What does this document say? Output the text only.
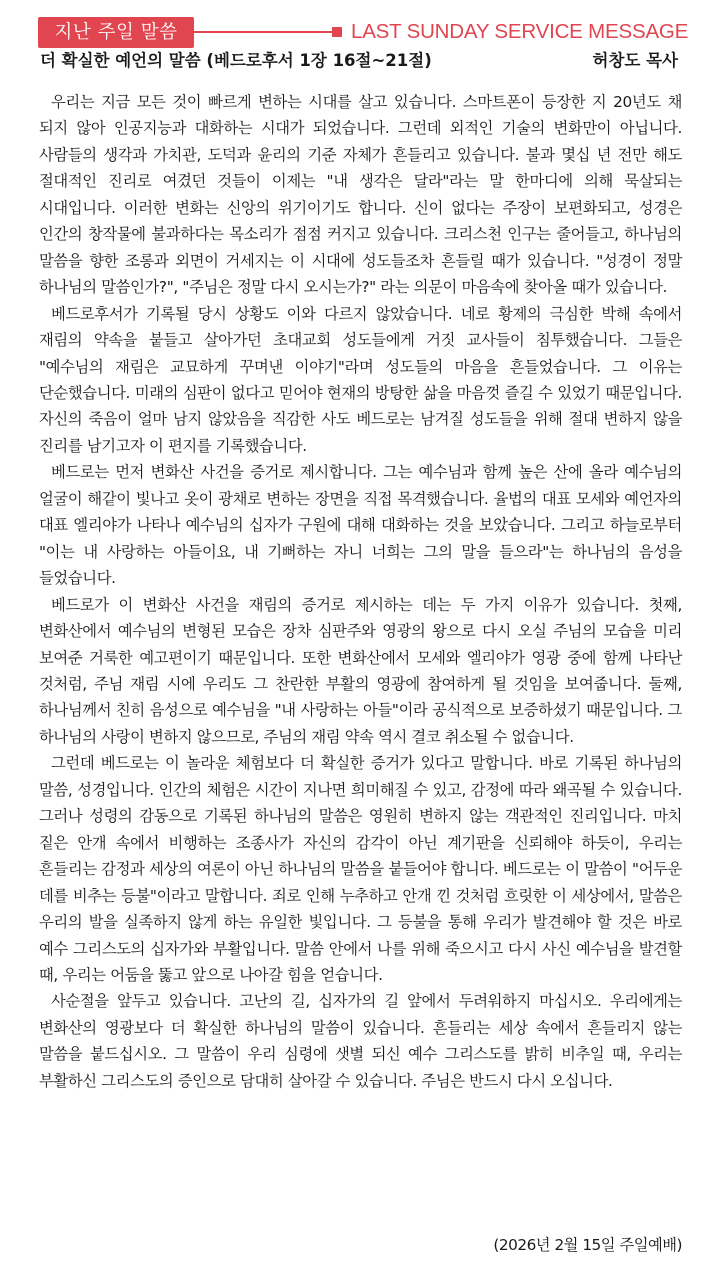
지난 주일 말씀	LAST SUNDAY SERVICE MESSAGE
더 확실한 예언의 말씀 (베드로후서 1장 16절~21절)	허창도 목사

우리는 지금 모든 것이 빠르게 변하는 시대를 살고 있습니다. 스마트폰이 등장한 지 20년도 채 되지 않아 인공지능과 대화하는 시대가 되었습니다. 그런데 외적인 기술의 변화만이 아닙니다. 사람들의 생각과 가치관, 도덕과 윤리의 기준 자체가 흔들리고 있습니다. 불과 몇십 년 전만 해도 절대적인 진리로 여겼던 것들이 이제는 "내 생각은 달라"라는 말 한마디에 의해 묵살되는 시대입니다. 이러한 변화는 신앙의 위기이기도 합니다. 신이 없다는 주장이 보편화되고, 성경은 인간의 창작물에 불과하다는 목소리가 점점 커지고 있습니다. 크리스천 인구는 줄어들고, 하나님의 말씀을 향한 조롱과 외면이 거세지는 이 시대에 성도들조차 흔들릴 때가 있습니다. "성경이 정말 하나님의 말씀인가?", "주님은 정말 다시 오시는가?" 라는 의문이 마음속에 찾아올 때가 있습니다.

베드로후서가 기록될 당시 상황도 이와 다르지 않았습니다. 네로 황제의 극심한 박해 속에서 재림의 약속을 붙들고 살아가던 초대교회 성도들에게 거짓 교사들이 침투했습니다. 그들은 "예수님의 재림은 교묘하게 꾸며낸 이야기"라며 성도들의 마음을 흔들었습니다. 그 이유는 단순했습니다. 미래의 심판이 없다고 믿어야 현재의 방탕한 삶을 마음껏 즐길 수 있었기 때문입니다. 자신의 죽음이 얼마 남지 않았음을 직감한 사도 베드로는 남겨질 성도들을 위해 절대 변하지 않을 진리를 남기고자 이 편지를 기록했습니다.

베드로는 먼저 변화산 사건을 증거로 제시합니다. 그는 예수님과 함께 높은 산에 올라 예수님의 얼굴이 해같이 빛나고 옷이 광채로 변하는 장면을 직접 목격했습니다. 율법의 대표 모세와 예언자의 대표 엘리야가 나타나 예수님의 십자가 구원에 대해 대화하는 것을 보았습니다. 그리고 하늘로부터 "이는 내 사랑하는 아들이요, 내 기뻐하는 자니 너희는 그의 말을 들으라"는 하나님의 음성을 들었습니다.

베드로가 이 변화산 사건을 재림의 증거로 제시하는 데는 두 가지 이유가 있습니다. 첫째, 변화산에서 예수님의 변형된 모습은 장차 심판주와 영광의 왕으로 다시 오실 주님의 모습을 미리 보여준 거룩한 예고편이기 때문입니다. 또한 변화산에서 모세와 엘리야가 영광 중에 함께 나타난 것처럼, 주님 재림 시에 우리도 그 찬란한 부활의 영광에 참여하게 될 것임을 보여줍니다. 둘째, 하나님께서 친히 음성으로 예수님을 "내 사랑하는 아들"이라 공식적으로 보증하셨기 때문입니다. 그 하나님의 사랑이 변하지 않으므로, 주님의 재림 약속 역시 결코 취소될 수 없습니다.

그런데 베드로는 이 놀라운 체험보다 더 확실한 증거가 있다고 말합니다. 바로 기록된 하나님의 말씀, 성경입니다. 인간의 체험은 시간이 지나면 희미해질 수 있고, 감정에 따라 왜곡될 수 있습니다. 그러나 성령의 감동으로 기록된 하나님의 말씀은 영원히 변하지 않는 객관적인 진리입니다. 마치 짙은 안개 속에서 비행하는 조종사가 자신의 감각이 아닌 계기판을 신뢰해야 하듯이, 우리는 흔들리는 감정과 세상의 여론이 아닌 하나님의 말씀을 붙들어야 합니다. 베드로는 이 말씀이 "어두운 데를 비추는 등불"이라고 말합니다. 죄로 인해 누추하고 안개 낀 것처럼 흐릿한 이 세상에서, 말씀은 우리의 발을 실족하지 않게 하는 유일한 빛입니다. 그 등불을 통해 우리가 발견해야 할 것은 바로 예수 그리스도의 십자가와 부활입니다. 말씀 안에서 나를 위해 죽으시고 다시 사신 예수님을 발견할 때, 우리는 어둠을 뚫고 앞으로 나아갈 힘을 얻습니다.

사순절을 앞두고 있습니다. 고난의 길, 십자가의 길 앞에서 두려워하지 마십시오. 우리에게는 변화산의 영광보다 더 확실한 하나님의 말씀이 있습니다. 흔들리는 세상 속에서 흔들리지 않는 말씀을 붙드십시오. 그 말씀이 우리 심령에 샛별 되신 예수 그리스도를 밝히 비추일 때, 우리는 부활하신 그리스도의 증인으로 담대히 살아갈 수 있습니다. 주님은 반드시 다시 오십니다.

(2026년 2월 15일 주일예배)
